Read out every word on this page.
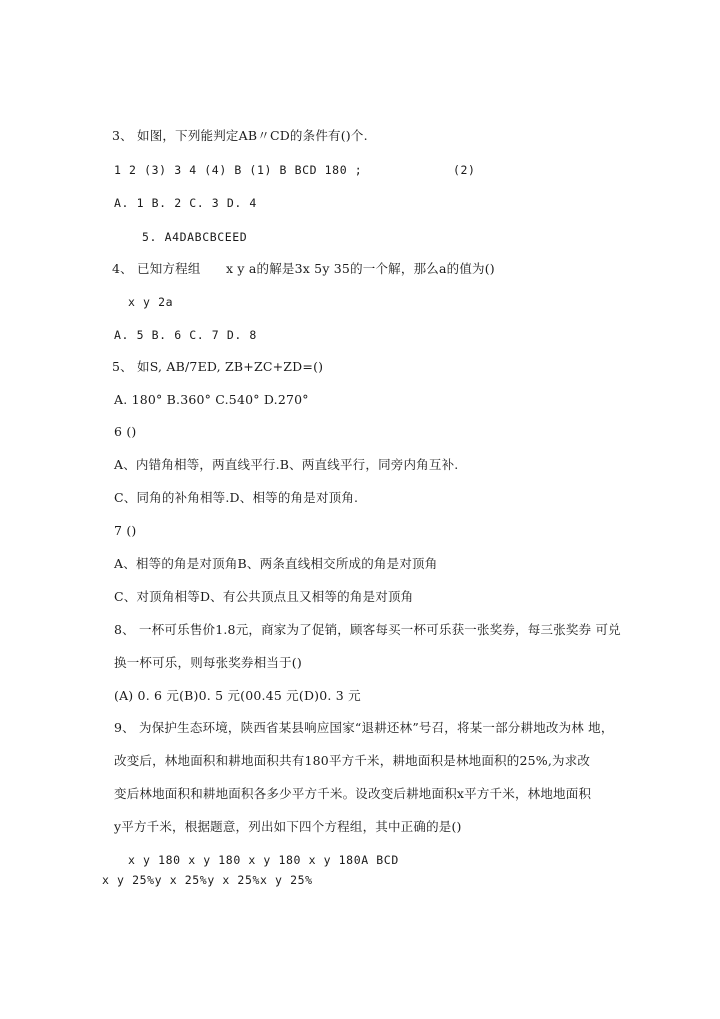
3、 如图，下列能判定AB〃CD的条件有()个.
1 2 (3) 3 4 (4) B (1) B BCD 180 ;	(2)
A. 1 B. 2 C. 3 D. 4
5. A4DABCBCEED
4、 已知方程组 x y a的解是3x 5y 35的一个解，那么a的值为()
x y 2a
A. 5 B. 6 C. 7 D. 8
5、 如S, AB/7ED, ZB+ZC+ZD=()
A. 180° B.360° C.540° D.270°
6 ()
A、内错角相等，两直线平行.B、两直线平行，同旁内角互补.
C、同角的补角相等.D、相等的角是对顶角.
7 ()
A、相等的角是对顶角B、两条直线相交所成的角是对顶角
C、对顶角相等D、有公共顶点且又相等的角是对顶角
8、 一杯可乐售价1.8元，商家为了促销，顾客每买一杯可乐获一张奖券，每三张奖券 可兑
换一杯可乐，则每张奖券相当于()
(A) 0. 6 元(B)0. 5 元(00.45 元(D)0. 3 元
9、 为保护生态环境，陕西省某县响应国家“退耕还林”号召，将某一部分耕地改为林 地，
改变后，林地面积和耕地面积共有180平方千米，耕地面积是林地面积的25%,为求改
变后林地面积和耕地面积各多少平方千米。设改变后耕地面积x平方千米，林地地面积
y平方千米，根据题意，列出如下四个方程组，其中正确的是()
x y 180 x y 180 x y 180 x y 180A BCD
x y 25%y x 25%y x 25%x y 25%
